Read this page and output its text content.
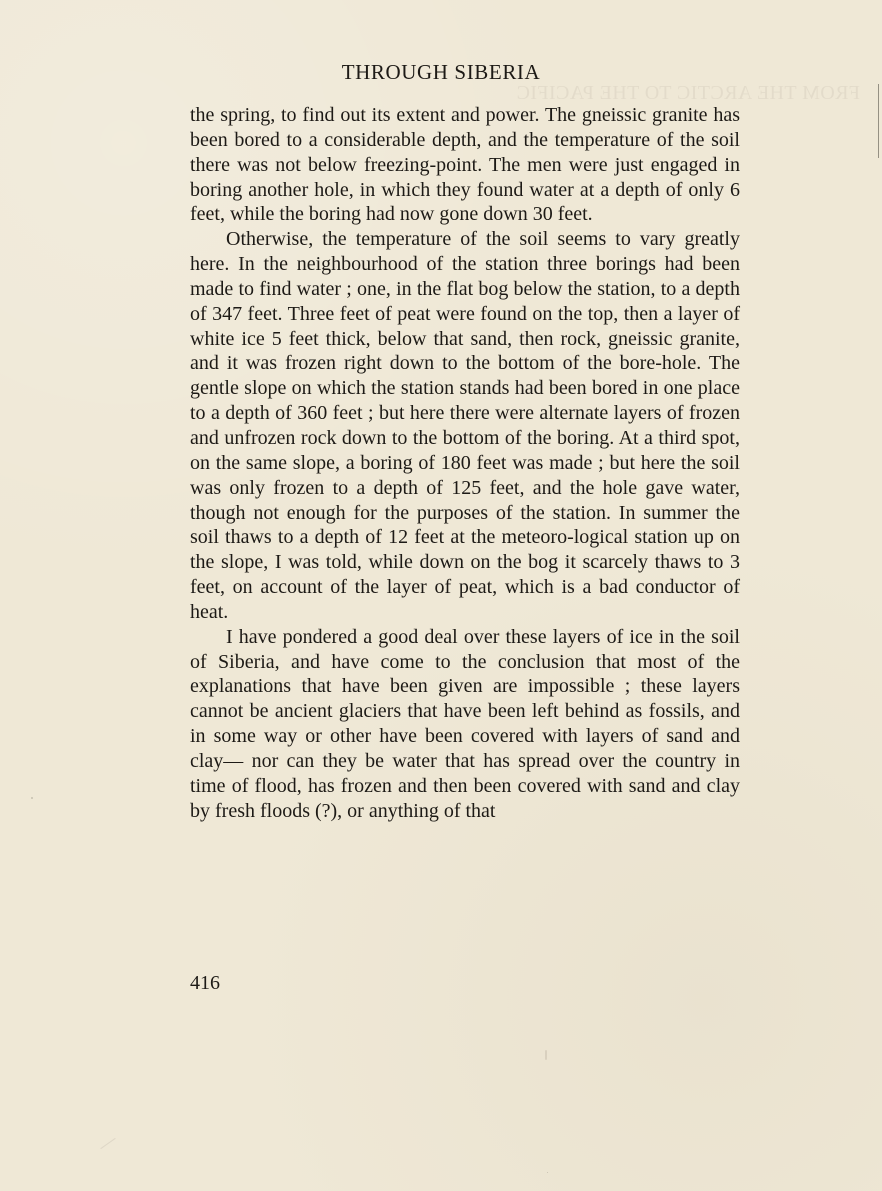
FROM THE ARCTIC TO THE PACIFIC
THROUGH SIBERIA

the spring, to find out its extent and power. The gneissic granite has been bored to a considerable depth, and the temperature of the soil there was not below freezing-point. The men were just engaged in boring another hole, in which they found water at a depth of only 6 feet, while the boring had now gone down 30 feet.

Otherwise, the temperature of the soil seems to vary greatly here. In the neighbourhood of the station three borings had been made to find water ; one, in the flat bog below the station, to a depth of 347 feet. Three feet of peat were found on the top, then a layer of white ice 5 feet thick, below that sand, then rock, gneissic granite, and it was frozen right down to the bottom of the bore-hole. The gentle slope on which the station stands had been bored in one place to a depth of 360 feet ; but here there were alternate layers of frozen and unfrozen rock down to the bottom of the boring. At a third spot, on the same slope, a boring of 180 feet was made ; but here the soil was only frozen to a depth of 125 feet, and the hole gave water, though not enough for the purposes of the station. In summer the soil thaws to a depth of 12 feet at the meteoro-logical station up on the slope, I was told, while down on the bog it scarcely thaws to 3 feet, on account of the layer of peat, which is a bad conductor of heat.

I have pondered a good deal over these layers of ice in the soil of Siberia, and have come to the conclusion that most of the explanations that have been given are impossible ; these layers cannot be ancient glaciers that have been left behind as fossils, and in some way or other have been covered with layers of sand and clay— nor can they be water that has spread over the country in time of flood, has frozen and then been covered with sand and clay by fresh floods (?), or anything of that

416
